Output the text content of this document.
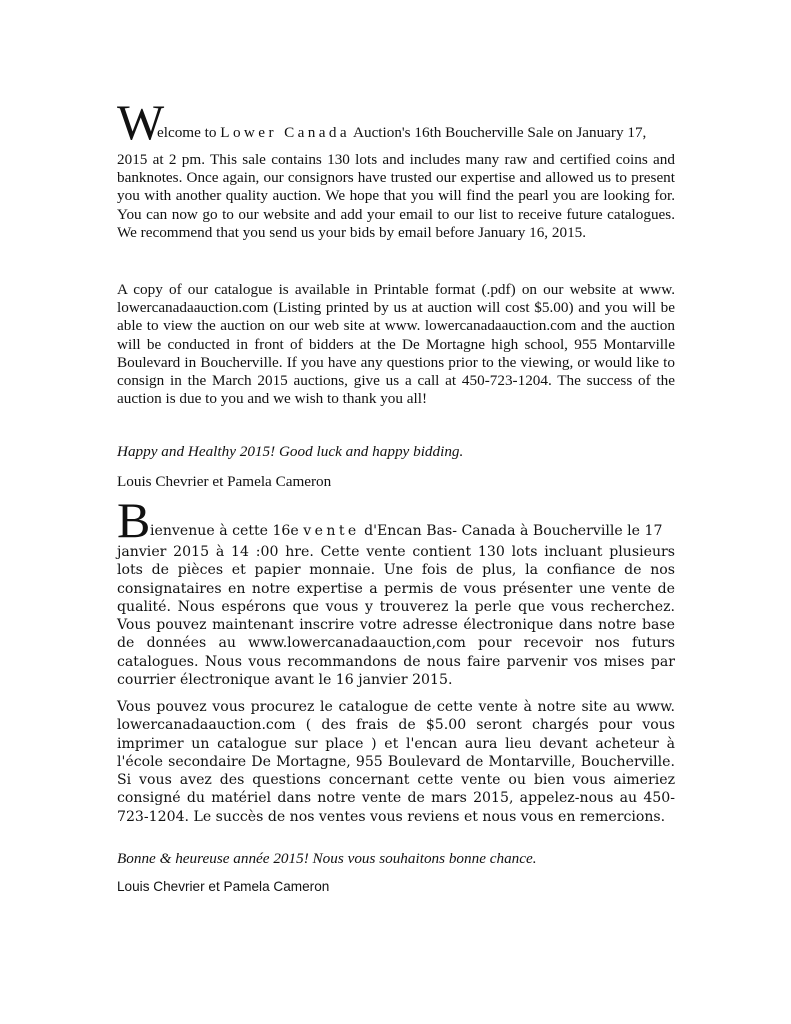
W
elcome to Lower Canada Auction's 16th Boucherville Sale on January 17,

2015 at 2 pm. This sale contains 130 lots and includes many raw and certified coins and banknotes. Once again, our consignors have trusted our expertise and allowed us to present you with another quality auction. We hope that you will find the pearl you are looking for. You can now go to our website and add your email to our list to receive future catalogues. We recommend that you send us your bids by email before January 16, 2015.

A copy of our catalogue is available in Printable format (.pdf) on our website at www. lowercanadaauction.com (Listing printed by us at auction will cost $5.00) and you will be able to view the auction on our web site at www. lowercanadaauction.com and the auction will be conducted in front of bidders at the De Mortagne high school, 955 Montarville Boulevard in Boucherville. If you have any questions prior to the viewing, or would like to consign in the March 2015 auctions, give us a call at 450-723-1204. The success of the auction is due to you and we wish to thank you all!

Happy and Healthy 2015! Good luck and happy bidding.

Louis Chevrier et Pamela Cameron

B ienvenue à cette 16e vente d'Encan Bas- Canada à Boucherville le 17

janvier 2015 à 14 :00 hre. Cette vente contient 130 lots incluant plusieurs lots de pièces et papier monnaie. Une fois de plus, la confiance de nos consignataires en notre expertise a permis de vous présenter une vente de qualité. Nous espérons que vous y trouverez la perle que vous recherchez. Vous pouvez maintenant inscrire votre adresse électronique dans notre base de données au www.lowercanadaauction,com pour recevoir nos futurs catalogues. Nous vous recommandons de nous faire parvenir vos mises par courrier électronique avant le 16 janvier 2015.

Vous pouvez vous procurez le catalogue de cette vente à notre site au www. lowercanadaauction.com ( des frais de $5.00 seront chargés pour vous imprimer un catalogue sur place ) et l'encan aura lieu devant acheteur à l'école secondaire De Mortagne, 955 Boulevard de Montarville, Boucherville. Si vous avez des questions concernant cette vente ou bien vous aimeriez consigné du matériel dans notre vente de mars 2015, appelez-nous au 450-723-1204. Le succès de nos ventes vous reviens et nous vous en remercions.

Bonne & heureuse année 2015! Nous vous souhaitons bonne chance.

Louis Chevrier et Pamela Cameron
